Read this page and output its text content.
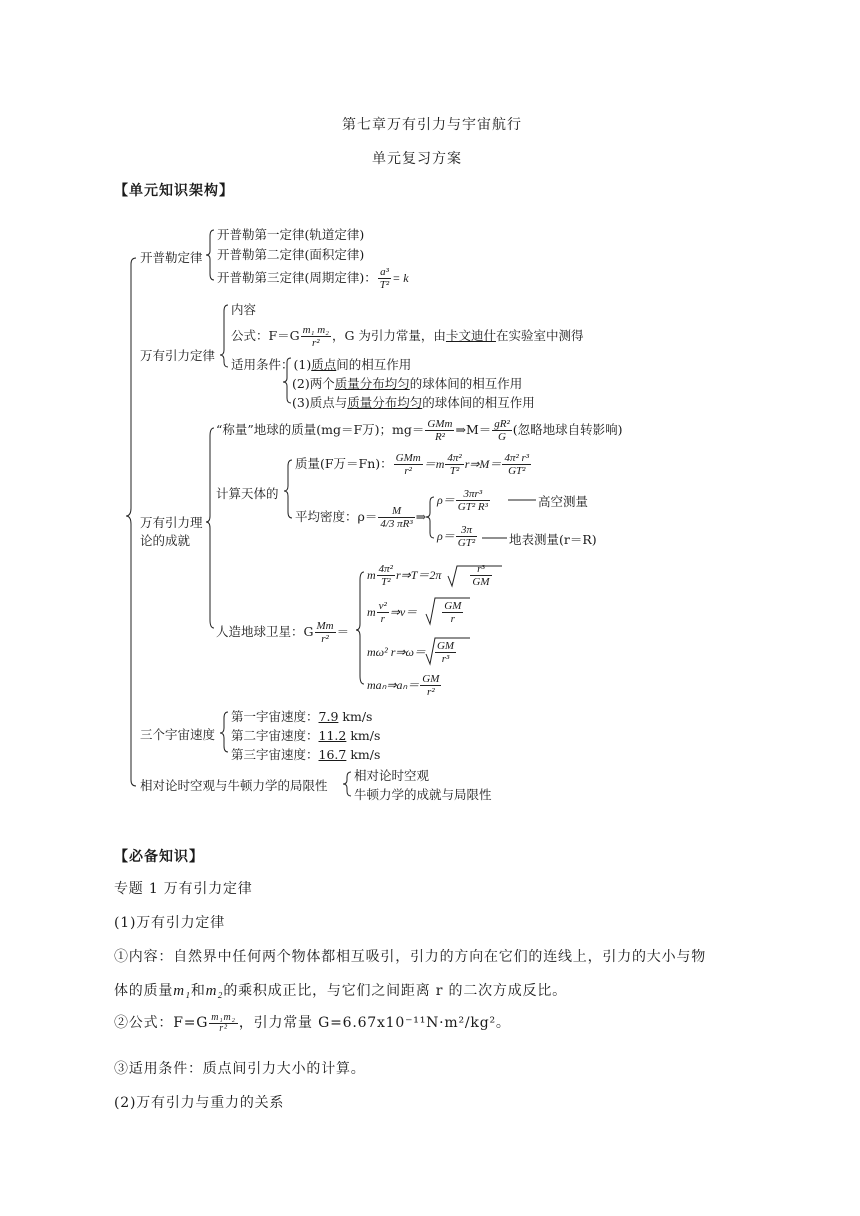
第七章万有引力与宇宙航行
单元复习方案
【单元知识架构】
开普勒定律
开普勒第一定律(轨道定律)
开普勒第二定律(面积定律)
开普勒第三定律(周期定律)： $\frac{\text{a³}}{\text{T²}} = k$
万有引力定律
内容
公式：$F=G \frac{\text{m₁ m₂}}{\text{r²}}$ ，G 为引力常量，由卡文迪什在实验室中测得
适用条件：(1)质点间的相互作用
(2)两个质量分布均匀的球体间的相互作用
(3)质点与质量分布均匀的球体间的相互作用
万有引力理
论的成就
“称量”地球的质量(mg＝F万)；$mg= \frac{\text{GMm}}{\text{R²}}$ ⇒M＝ $\frac{\text{gR²}}{G}$ (忽略地球自转影响)
计算天体的
质量(F万＝Fn)： $\frac{\text{GMm}}{\text{r²}} =m \frac{\text{4π²}}{\text{T²}}$ r⇒M＝ $\frac{\text{4π² r³}}{\text{GT²}}$
平均密度：$\rho= \frac{M}{\text{4/3 πR³}}$ ⇒
$\rho= \frac{\text{3πr³}}{\text{GT² R³}}$	高空测量
$\rho= \frac{3\pi}{\text{GT²}}$	地表测量(r＝R)
人造地球卫星：G $\frac{Mm}{\text{r²}}$ ＝
m $\frac{\text{4π²}}{\text{T²}}$ r⇒T＝2π	$\frac{\text{r³}}{GM}$
m $\frac{\text{v²}}{r}$ ⇒v＝ $\frac{GM}{r}$
mω² r⇒ω＝ $\frac{GM}{\text{r³}}$
maₙ⇒aₙ＝ $\frac{GM}{\text{r²}}$
三个宇宙速度
第一宇宙速度：7.9 km/s
第二宇宙速度：11.2 km/s
第三宇宙速度：16.7 km/s
相对论时空观与牛顿力学的局限性
相对论时空观
牛顿力学的成就与局限性
【必备知识】
专题 1 万有引力定律
(1)万有引力定律
①内容：自然界中任何两个物体都相互吸引，引力的方向在它们的连线上，引力的大小与物
体的质量m₁和m₂的乘积成正比，与它们之间距离 r 的二次方成反比。
②公式：$F=G \frac{\text{m₁m₂}}{\text{r²}}$ ，引力常量 G=6.67x10⁻¹¹N·m²/kg²。
③适用条件：质点间引力大小的计算。
(2)万有引力与重力的关系
